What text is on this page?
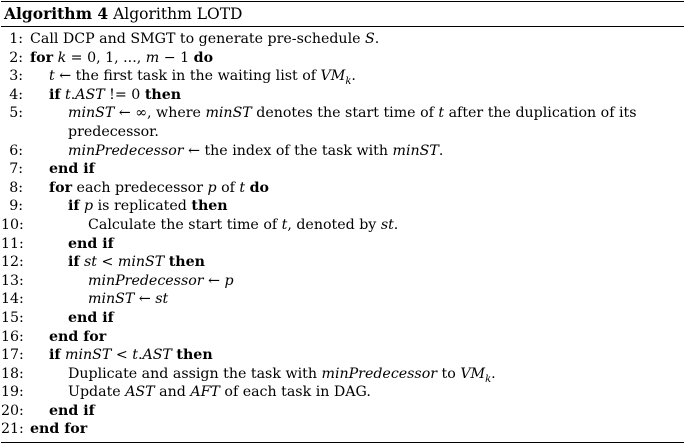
Algorithm 4 Algorithm LOTD
1: Call DCP and SMGT to generate pre-schedule S.
2: for k = 0, 1, ..., m − 1 do
3: t ← the first task in the waiting list of $VM_k$.
4: if t.AST != 0 then
5:	minST ← ∞, where minST denotes the start time of t after the duplication of its
predecessor.
6:	minPredecessor ← the index of the task with minST.
7: end if
8: for each predecessor p of t do
9:	if p is replicated then
10:	Calculate the start time of t, denoted by st.
11:	end if
12:	if st < minST then
13:	minPredecessor ← p
14:	minST ← st
15:	end if
16: end for
17: if minST < t.AST then
18:	Duplicate and assign the task with minPredecessor to $VM_k$.
19:	Update AST and AFT of each task in DAG.
20: end if
21: end for
